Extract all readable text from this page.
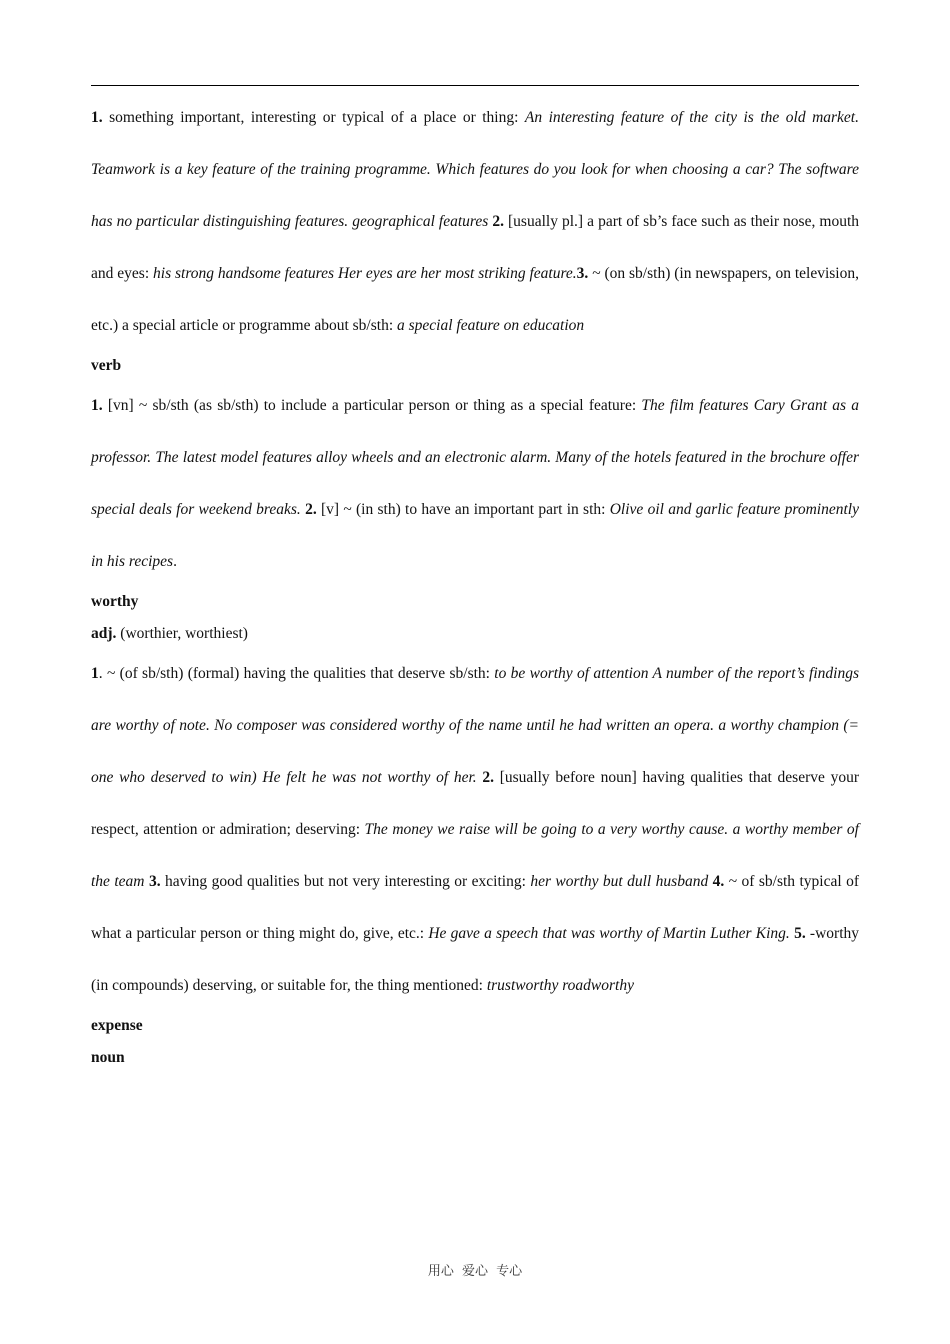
1. something important, interesting or typical of a place or thing: An interesting feature of the city is the old market. Teamwork is a key feature of the training programme. Which features do you look for when choosing a car? The software has no particular distinguishing features. geographical features 2. [usually pl.] a part of sb’s face such as their nose, mouth and eyes: his strong handsome features Her eyes are her most striking feature.3. ~ (on sb/sth) (in newspapers, on television, etc.) a special article or programme about sb/sth: a special feature on education

verb

1. [vn] ~ sb/sth (as sb/sth) to include a particular person or thing as a special feature: The film features Cary Grant as a professor. The latest model features alloy wheels and an electronic alarm. Many of the hotels featured in the brochure offer special deals for weekend breaks. 2. [v] ~ (in sth) to have an important part in sth: Olive oil and garlic feature prominently in his recipes.

worthy

adj. (worthier, worthiest)

1. ~ (of sb/sth) (formal) having the qualities that deserve sb/sth: to be worthy of attention A number of the report’s findings are worthy of note. No composer was considered worthy of the name until he had written an opera. a worthy champion (= one who deserved to win) He felt he was not worthy of her. 2. [usually before noun] having qualities that deserve your respect, attention or admiration; deserving: The money we raise will be going to a very worthy cause. a worthy member of the team 3. having good qualities but not very interesting or exciting: her worthy but dull husband 4. ~ of sb/sth typical of what a particular person or thing might do, give, etc.: He gave a speech that was worthy of Martin Luther King. 5. -worthy (in compounds) deserving, or suitable for, the thing mentioned: trustworthy roadworthy

expense

noun

用心 爱心 专心
